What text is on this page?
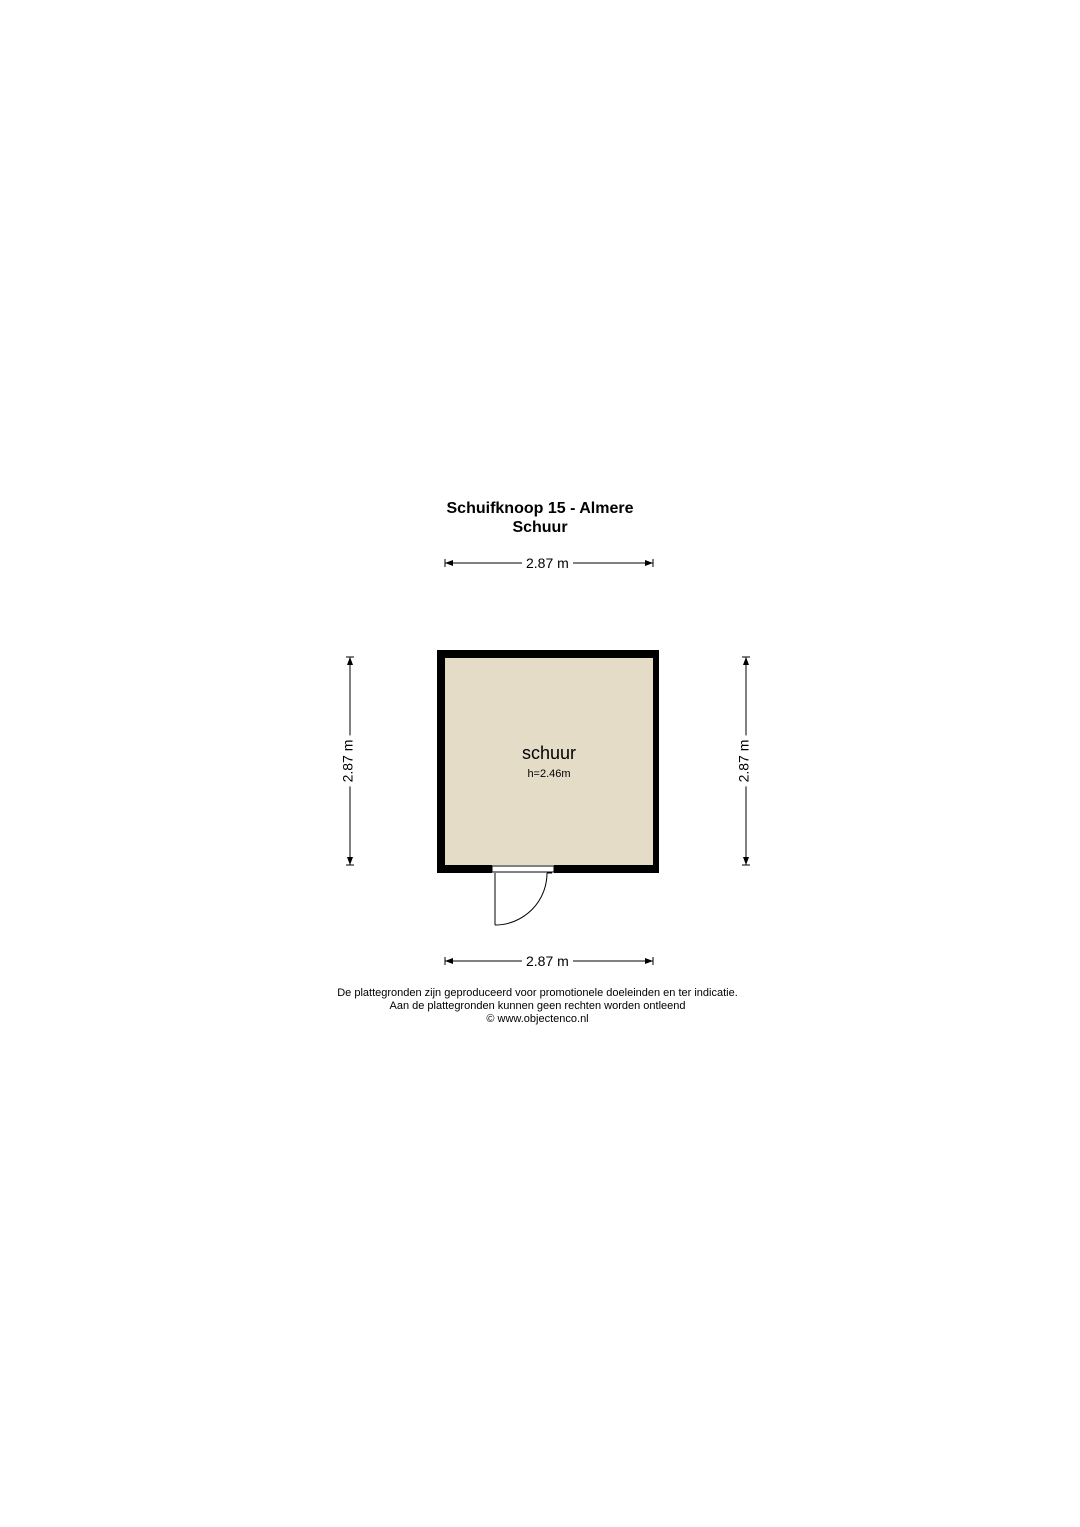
Schuifknoop 15 - Almere
Schuur
2.87 m
2.87 m
2.87 m	2.87 m
schuur
h=2.46m
De plattegronden zijn geproduceerd voor promotionele doeleinden en ter indicatie.
Aan de plattegronden kunnen geen rechten worden ontleend
© www.objectenco.nl
